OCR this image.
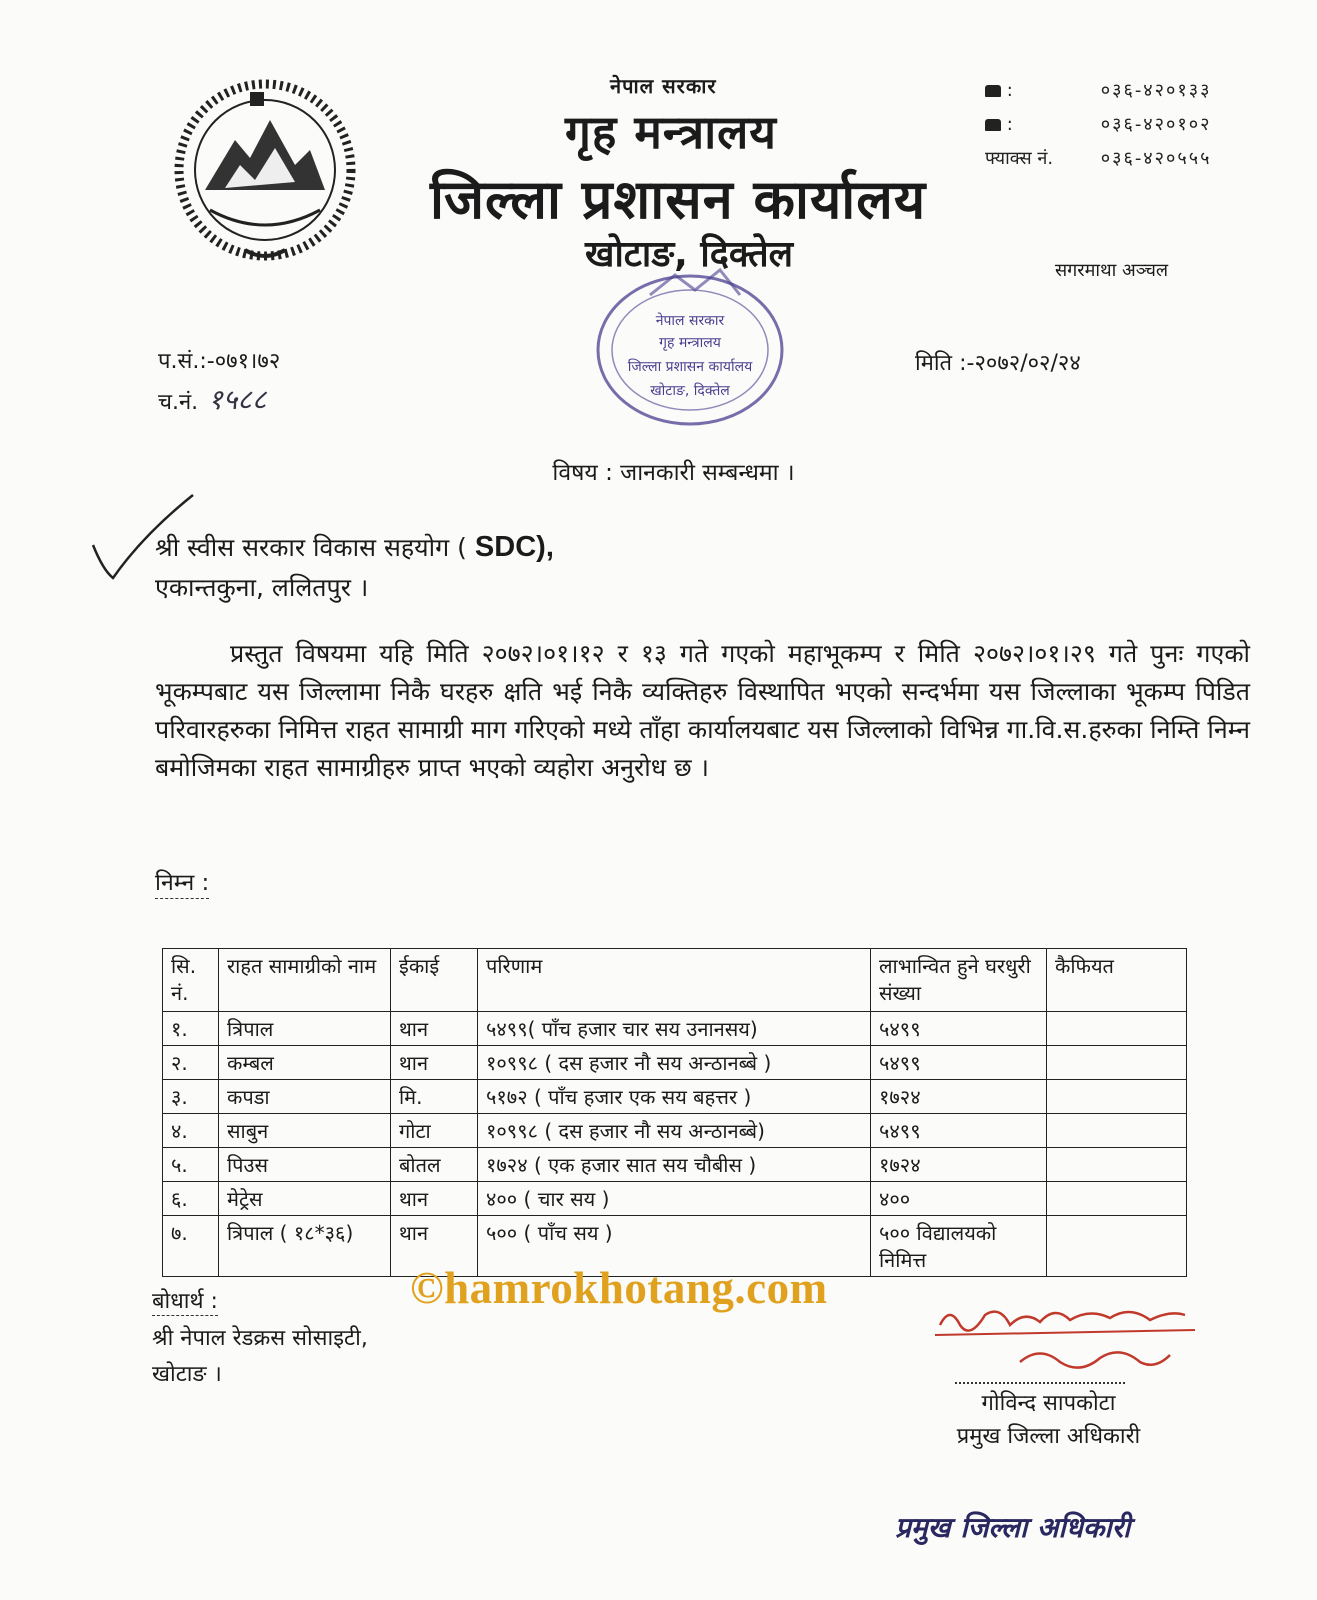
नेपाल सरकार
गृह मन्त्रालय
जिल्ला प्रशासन कार्यालय
खोटाङ, दिक्तेल
:	०३६-४२०१३३
:	०३६-४२०१०२
फ्याक्स नं.	०३६-४२०५५५
सगरमाथा अञ्चल
नेपाल सरकार
गृह मन्त्रालय
जिल्ला प्रशासन कार्यालय
खोटाङ, दिक्तेल
प.सं.:-०७१।७२
च.नं. १५८८
मिति :-२०७२/०२/२४
विषय : जानकारी सम्बन्धमा ।
श्री स्वीस सरकार विकास सहयोग ( SDC),
एकान्तकुना, ललितपुर ।
प्रस्तुत विषयमा यहि मिति २०७२।०१।१२ र १३ गते गएको महाभूकम्प र मिति २०७२।०१।२९ गते पुनः गएको भूकम्पबाट यस जिल्लामा निकै घरहरु क्षति भई निकै व्यक्तिहरु विस्थापित भएको सन्दर्भमा यस जिल्लाका भूकम्प पिडित परिवारहरुका निमित्त राहत सामाग्री माग गरिएको मध्ये ताँहा कार्यालयबाट यस जिल्लाको विभिन्न गा.वि.स.हरुका निम्ति निम्न बमोजिमका राहत सामाग्रीहरु प्राप्त भएको व्यहोरा अनुरोध छ ।
निम्न :
सि. नं.	राहत सामाग्रीको नाम	ईकाई	परिणाम	लाभान्वित हुने घरधुरी संख्या	कैफियत
१.	त्रिपाल	थान	५४९९( पाँच हजार चार सय उनानसय)	५४९९	
२.	कम्बल	थान	१०९९८ ( दस हजार नौ सय अन्ठानब्बे )	५४९९	
३.	कपडा	मि.	५१७२ ( पाँच हजार एक सय बहत्तर )	१७२४	
४.	साबुन	गोटा	१०९९८ ( दस हजार नौ सय अन्ठानब्बे)	५४९९	
५.	पिउस	बोतल	१७२४ ( एक हजार सात सय चौबीस )	१७२४	
६.	मेट्रेस	थान	४०० ( चार सय )	४००	
७.	त्रिपाल ( १८*३६)	थान	५०० ( पाँच सय )	५०० विद्यालयको निमित्त	
©hamrokhotang.com
बोधार्थ :
श्री नेपाल रेडक्रस सोसाइटी,
खोटाङ ।
गोविन्द सापकोटा
प्रमुख जिल्ला अधिकारी
प्रमुख जिल्ला अधिकारी
